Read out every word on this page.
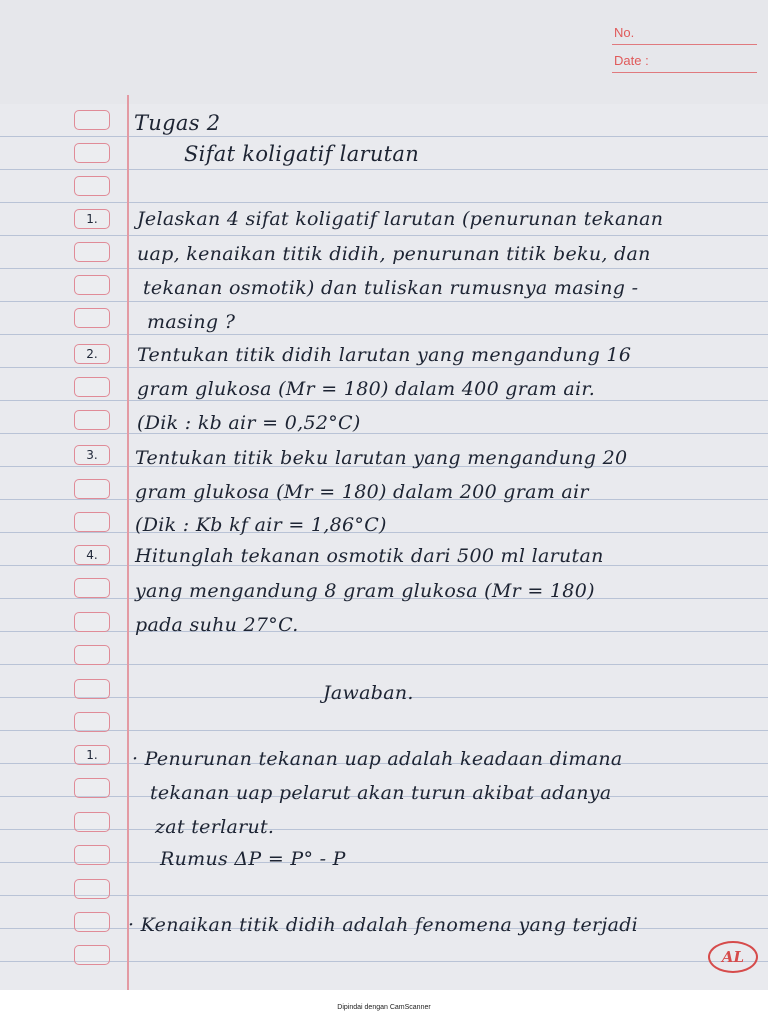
No.
Date :
1.
2.
3.
4.
1.
Tugas 2
Sifat koligatif larutan
Jelaskan 4 sifat koligatif larutan (penurunan tekanan
uap, kenaikan titik didih, penurunan titik beku, dan
tekanan osmotik) dan tuliskan rumusnya masing -
masing ?
Tentukan titik didih larutan yang mengandung 16
gram glukosa (Mr = 180) dalam 400 gram air.
(Dik : kb air = 0,52°C)
Tentukan titik beku larutan yang mengandung 20
gram glukosa (Mr = 180) dalam 200 gram air
(Dik : Kb kf air = 1,86°C)
Hitunglah tekanan osmotik dari 500 ml larutan
yang mengandung 8 gram glukosa (Mr = 180)
pada suhu 27°C.
Jawaban.
· Penurunan tekanan uap adalah keadaan dimana
tekanan uap pelarut akan turun akibat adanya
zat terlarut.
Rumus ΔP = P° - P
· Kenaikan titik didih adalah fenomena yang terjadi
AL
Dipindai dengan CamScanner
